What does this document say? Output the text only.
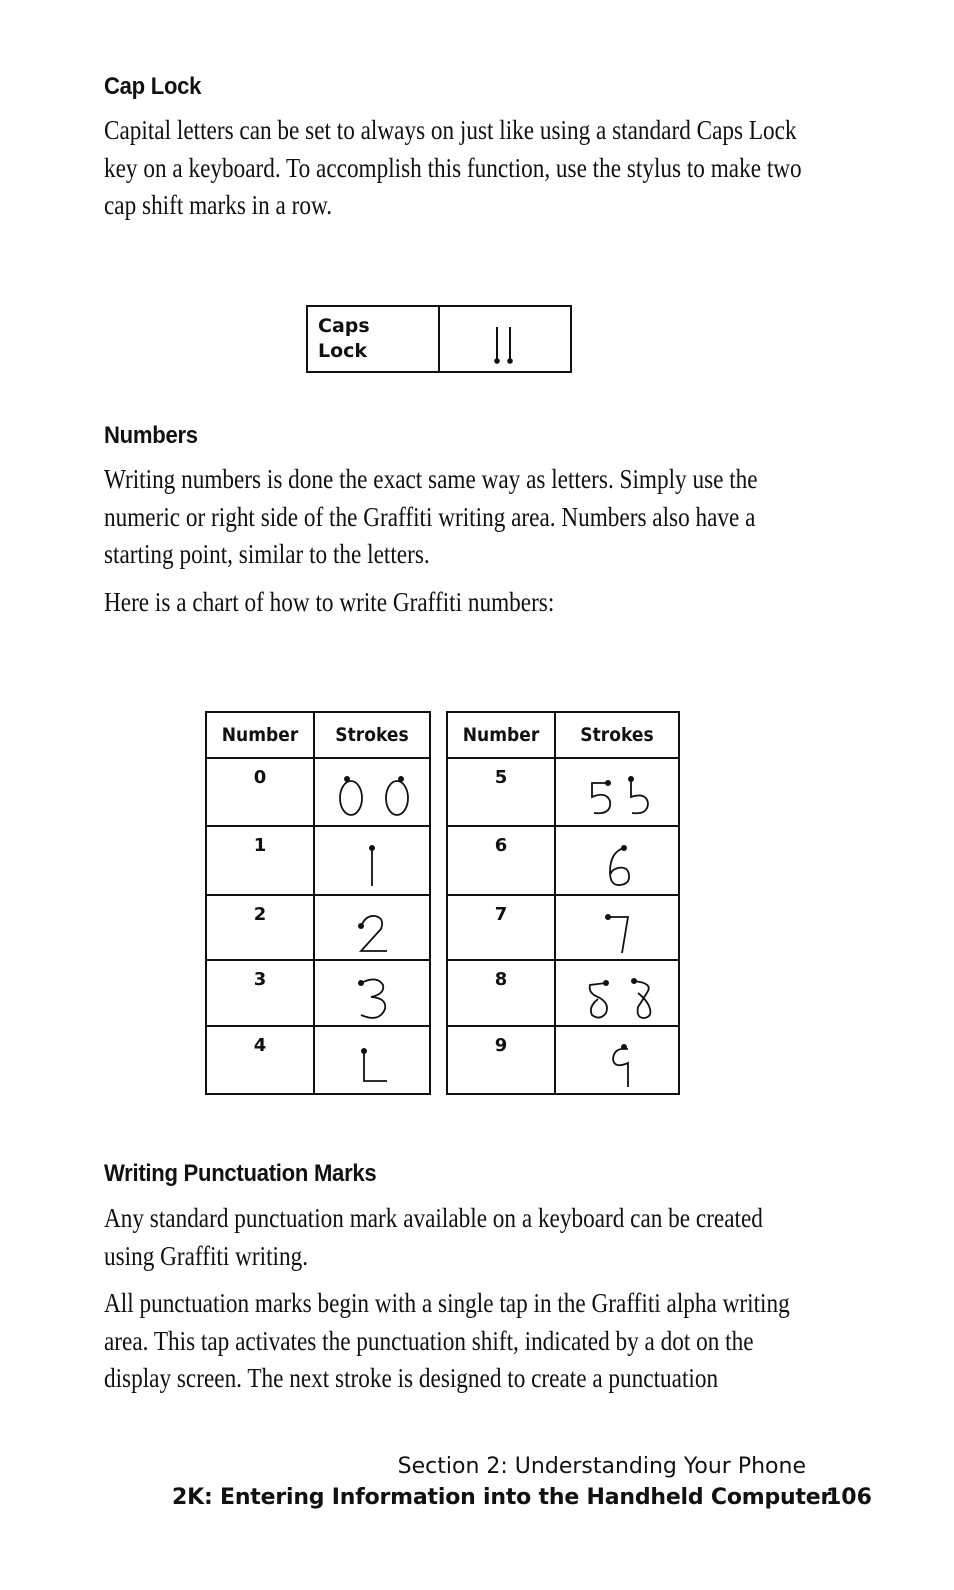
Cap Lock

Capital letters can be set to always on just like using a standard Caps Lock key on a keyboard. To accomplish this function, use the stylus to make two cap shift marks in a row.

Caps
Lock
Numbers

Writing numbers is done the exact same way as letters. Simply use the numeric or right side of the Graffiti writing area. Numbers also have a starting point, similar to the letters.

Here is a chart of how to write Graffiti numbers:

Number	Strokes
0	

1	

2	

3	

4	
Number	Strokes
5	

6	

7	

8	

9	
Writing Punctuation Marks

Any standard punctuation mark available on a keyboard can be created using Graffiti writing.

All punctuation marks begin with a single tap in the Graffiti alpha writing area. This tap activates the punctuation shift, indicated by a dot on the display screen. The next stroke is designed to create a punctuation

Section 2: Understanding Your Phone
2K: Entering Information into the Handheld Computer
106
